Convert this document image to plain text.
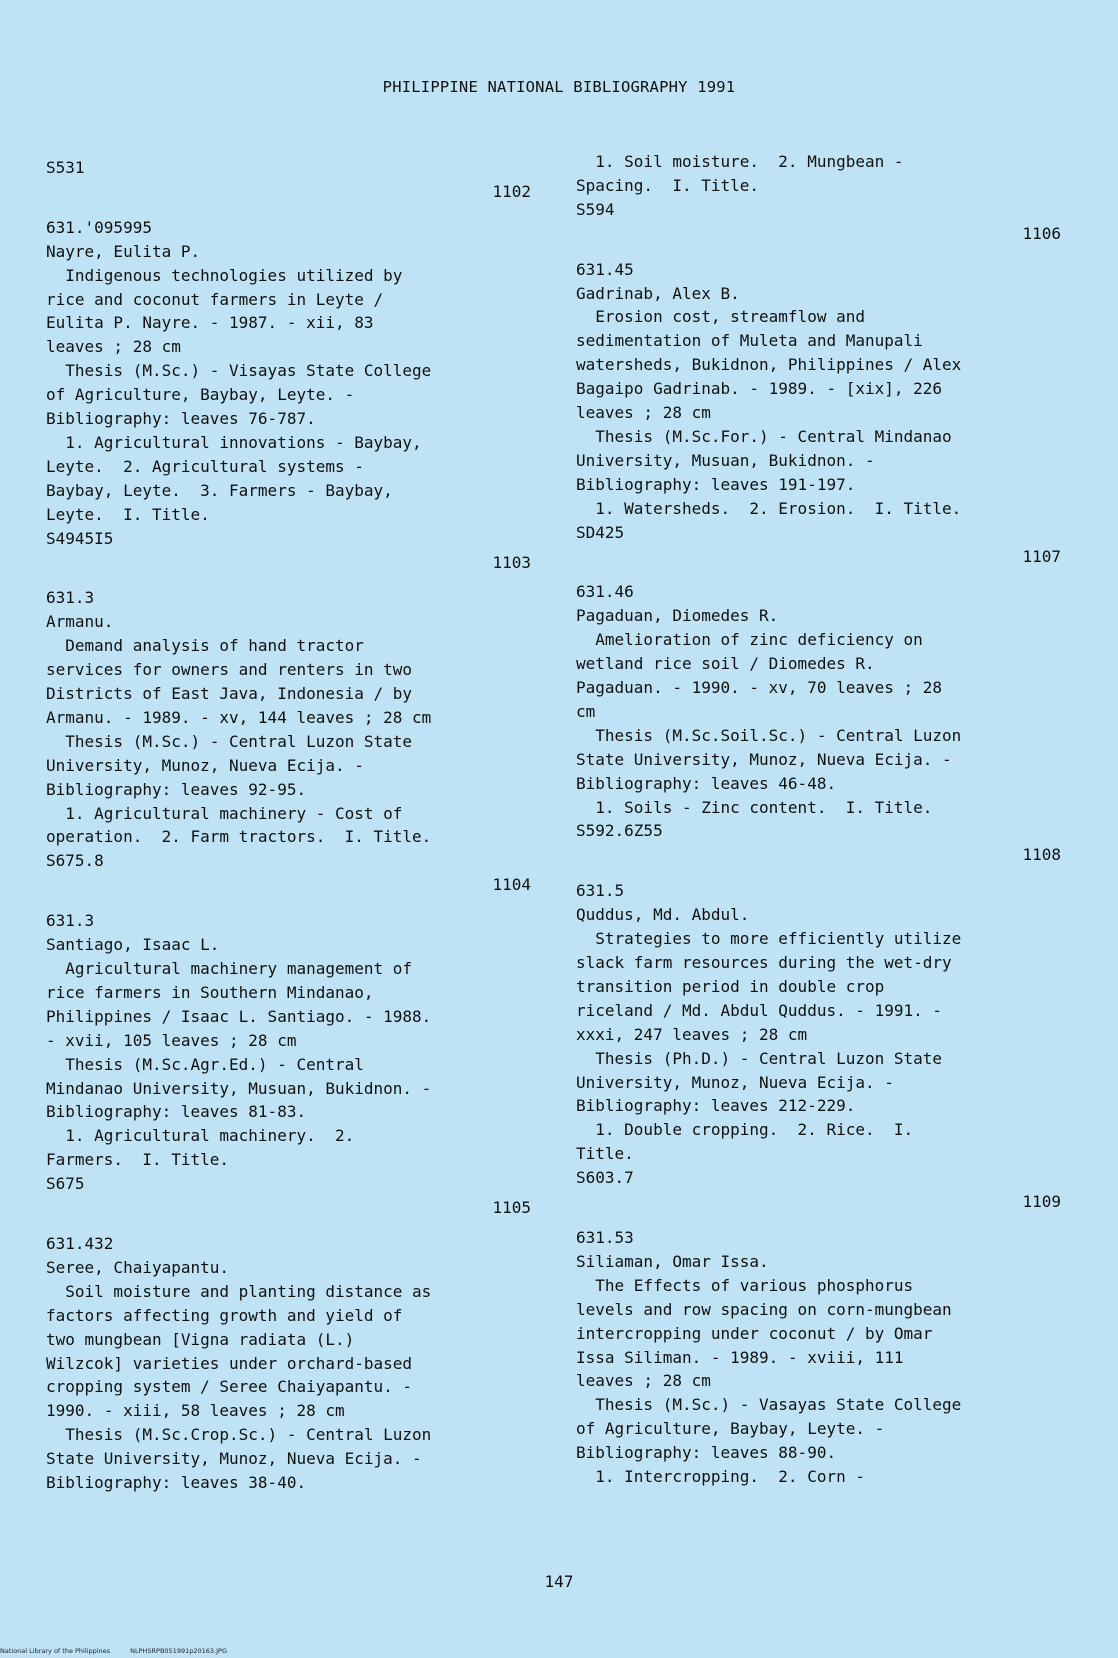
PHILIPPINE NATIONAL BIBLIOGRAPHY 1991
S531
1102
631.'095995
Nayre, Eulita P.
Indigenous technologies utilized by
rice and coconut farmers in Leyte /
Eulita P. Nayre. - 1987. - xii, 83
leaves ; 28 cm
Thesis (M.Sc.) - Visayas State College
of Agriculture, Baybay, Leyte. -
Bibliography: leaves 76-787.
1. Agricultural innovations - Baybay,
Leyte.  2. Agricultural systems -
Baybay, Leyte.  3. Farmers - Baybay,
Leyte.  I. Title.
S4945I5
1103
631.3
Armanu.
Demand analysis of hand tractor
services for owners and renters in two
Districts of East Java, Indonesia / by
Armanu. - 1989. - xv, 144 leaves ; 28 cm
Thesis (M.Sc.) - Central Luzon State
University, Munoz, Nueva Ecija. -
Bibliography: leaves 92-95.
1. Agricultural machinery - Cost of
operation.  2. Farm tractors.  I. Title.
S675.8
1104
631.3
Santiago, Isaac L.
Agricultural machinery management of
rice farmers in Southern Mindanao,
Philippines / Isaac L. Santiago. - 1988.
- xvii, 105 leaves ; 28 cm
Thesis (M.Sc.Agr.Ed.) - Central
Mindanao University, Musuan, Bukidnon. -
Bibliography: leaves 81-83.
1. Agricultural machinery.  2.
Farmers.  I. Title.
S675
1105
631.432
Seree, Chaiyapantu.
Soil moisture and planting distance as
factors affecting growth and yield of
two mungbean [Vigna radiata (L.)
Wilzcok] varieties under orchard-based
cropping system / Seree Chaiyapantu. -
1990. - xiii, 58 leaves ; 28 cm
Thesis (M.Sc.Crop.Sc.) - Central Luzon
State University, Munoz, Nueva Ecija. -
Bibliography: leaves 38-40.
1. Soil moisture.  2. Mungbean -
Spacing.  I. Title.
S594
1106
631.45
Gadrinab, Alex B.
Erosion cost, streamflow and
sedimentation of Muleta and Manupali
watersheds, Bukidnon, Philippines / Alex
Bagaipo Gadrinab. - 1989. - [xix], 226
leaves ; 28 cm
Thesis (M.Sc.For.) - Central Mindanao
University, Musuan, Bukidnon. -
Bibliography: leaves 191-197.
1. Watersheds.  2. Erosion.  I. Title.
SD425
1107
631.46
Pagaduan, Diomedes R.
Amelioration of zinc deficiency on
wetland rice soil / Diomedes R.
Pagaduan. - 1990. - xv, 70 leaves ; 28
cm
Thesis (M.Sc.Soil.Sc.) - Central Luzon
State University, Munoz, Nueva Ecija. -
Bibliography: leaves 46-48.
1. Soils - Zinc content.  I. Title.
S592.6Z55
1108
631.5
Quddus, Md. Abdul.
Strategies to more efficiently utilize
slack farm resources during the wet-dry
transition period in double crop
riceland / Md. Abdul Quddus. - 1991. -
xxxi, 247 leaves ; 28 cm
Thesis (Ph.D.) - Central Luzon State
University, Munoz, Nueva Ecija. -
Bibliography: leaves 212-229.
1. Double cropping.  2. Rice.  I.
Title.
S603.7
1109
631.53
Siliaman, Omar Issa.
The Effects of various phosphorus
levels and row spacing on corn-mungbean
intercropping under coconut / by Omar
Issa Siliman. - 1989. - xviii, 111
leaves ; 28 cm
Thesis (M.Sc.) - Vasayas State College
of Agriculture, Baybay, Leyte. -
Bibliography: leaves 88-90.
1. Intercropping.  2. Corn -
147
National Library of the Philippines	NLPHSRPB051991p20163.JPG
